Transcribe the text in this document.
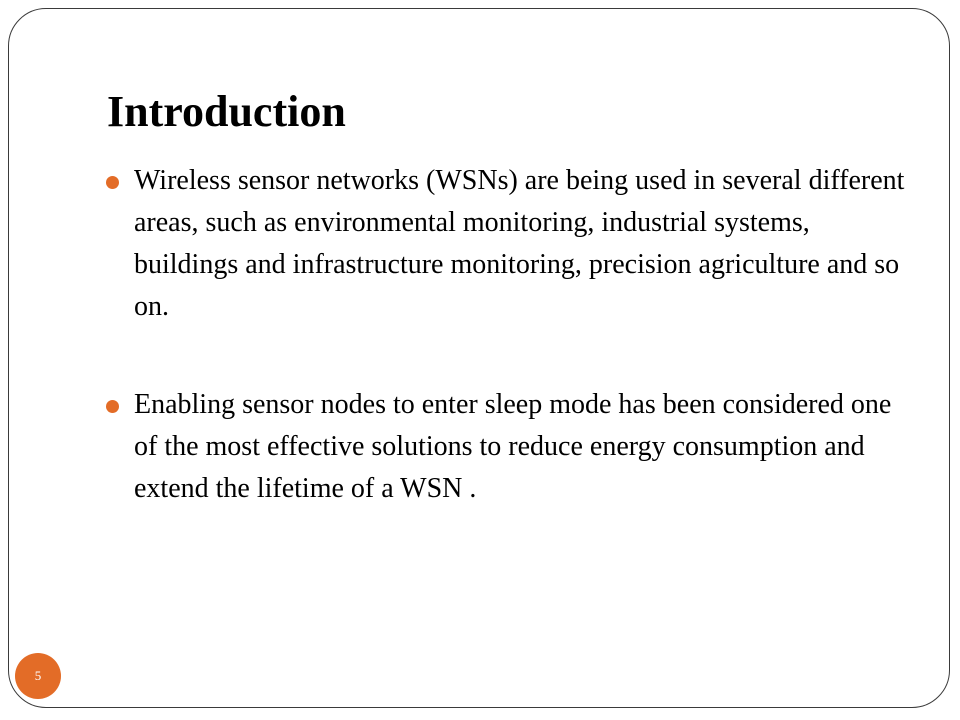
Introduction
Wireless sensor networks (WSNs) are being used in several different areas, such as environmental monitoring, industrial systems, buildings and infrastructure monitoring, precision agriculture and so on.
Enabling sensor nodes to enter sleep mode has been considered one of the most effective solutions to reduce energy consumption and extend the lifetime of a WSN .
5
